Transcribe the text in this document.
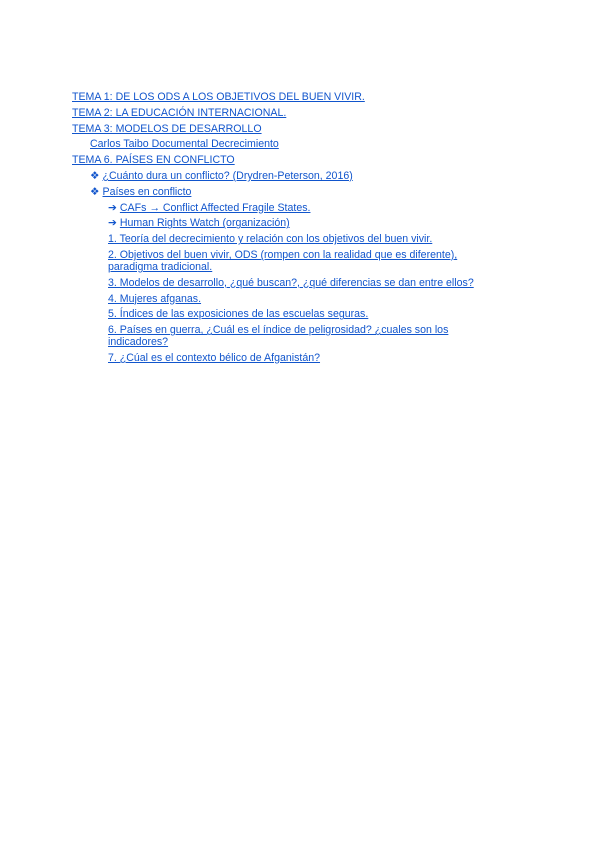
TEMA 1: DE LOS ODS A LOS OBJETIVOS DEL BUEN VIVIR.
TEMA 2: LA EDUCACIÓN INTERNACIONAL.
TEMA 3: MODELOS DE DESARROLLO
Carlos Taibo Documental Decrecimiento
TEMA 6. PAÍSES EN CONFLICTO
❖ ¿Cuánto dura un conflicto? (Drydren-Peterson, 2016)
❖ Países en conflicto
➔ CAFs → Conflict Affected Fragile States.
➔ Human Rights Watch (organización)
1. Teoría del decrecimiento y relación con los objetivos del buen vivir.
2. Objetivos del buen vivir, ODS (rompen con la realidad que es diferente), paradigma tradicional.
3. Modelos de desarrollo, ¿qué buscan?, ¿qué diferencias se dan entre ellos?
4. Mujeres afganas.
5. Índices de las exposiciones de las escuelas seguras.
6. Países en guerra, ¿Cuál es el índice de peligrosidad? ¿cuales son los indicadores?
7. ¿Cúal es el contexto bélico de Afganistán?
